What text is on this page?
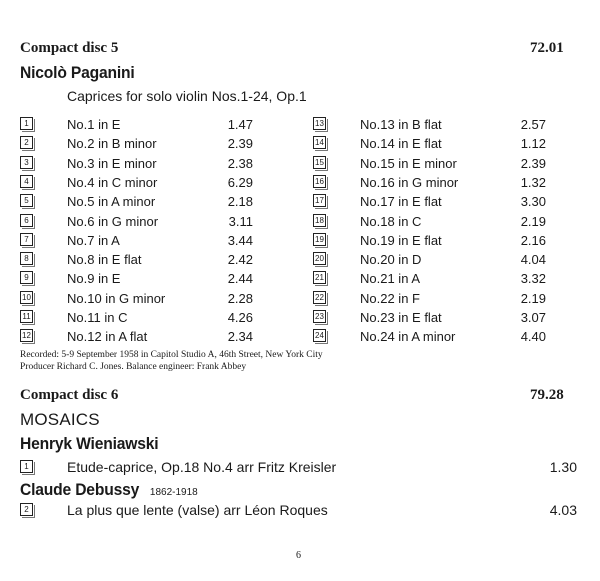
Compact disc 5	72.01
Nicolò Paganini
Caprices for solo violin Nos.1-24, Op.1
1	No.1 in E	1.47
2	No.2 in B minor	2.39
3	No.3 in E minor	2.38
4	No.4 in C minor	6.29
5	No.5 in A minor	2.18
6	No.6 in G minor	3.11
7	No.7 in A	3.44
8	No.8 in E flat	2.42
9	No.9 in E	2.44
10	No.10 in G minor	2.28
11	No.11 in C	4.26
12	No.12 in A flat	2.34
13	No.13 in B flat	2.57
14	No.14 in E flat	1.12
15	No.15 in E minor	2.39
16	No.16 in G minor	1.32
17	No.17 in E flat	3.30
18	No.18 in C	2.19
19	No.19 in E flat	2.16
20	No.20 in D	4.04
21	No.21 in A	3.32
22	No.22 in F	2.19
23	No.23 in E flat	3.07
24	No.24 in A minor	4.40
Recorded: 5-9 September 1958 in Capitol Studio A, 46th Street, New York City
Producer Richard C. Jones. Balance engineer: Frank Abbey
Compact disc 6	79.28
MOSAICS
Henryk Wieniawski
1	Etude-caprice, Op.18 No.4 arr Fritz Kreisler	1.30
Claude Debussy 1862-1918
2	La plus que lente (valse) arr Léon Roques	4.03
6
